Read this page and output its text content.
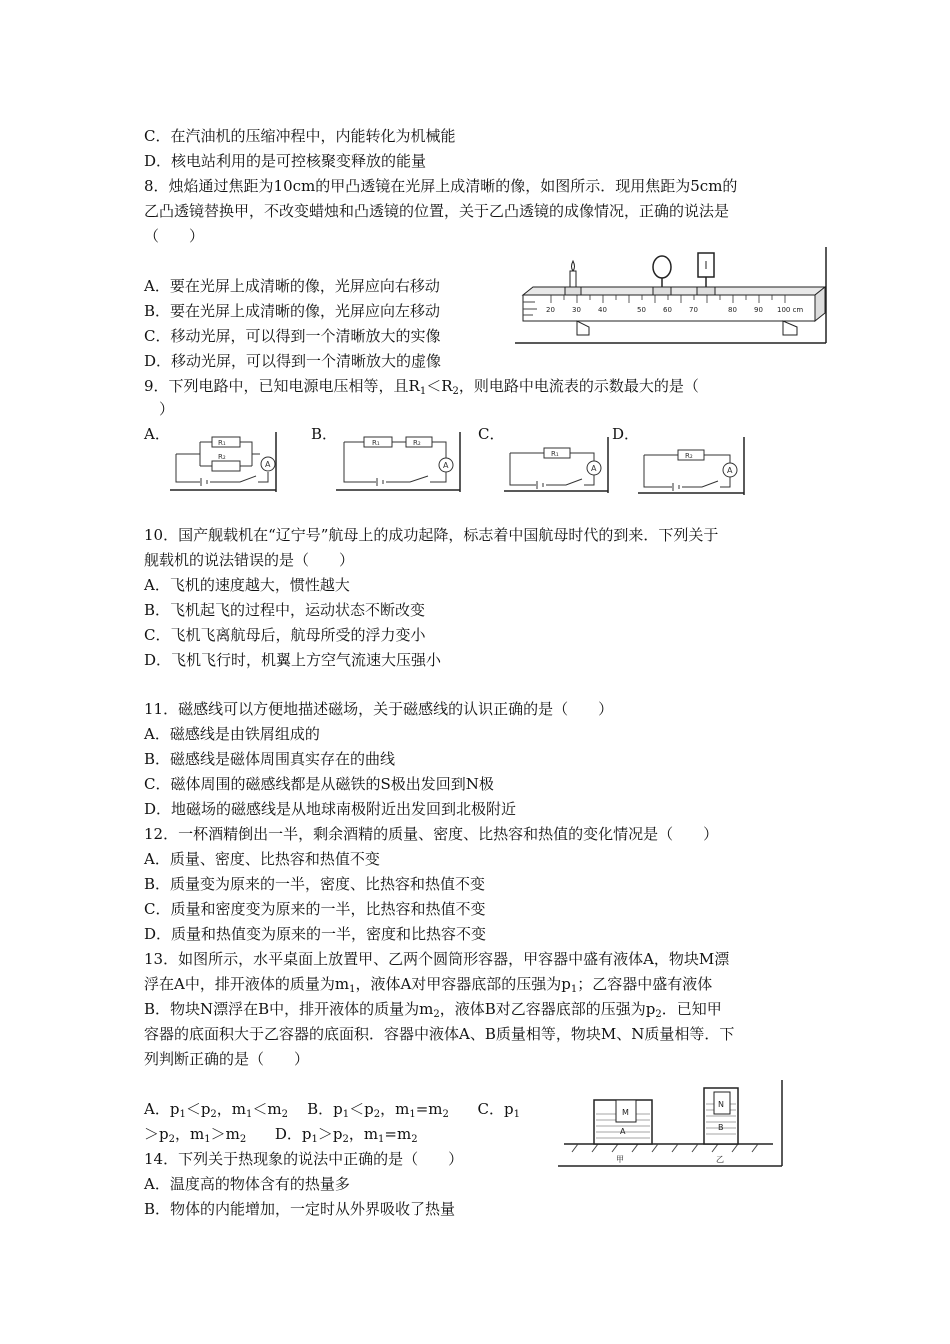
C．在汽油机的压缩冲程中，内能转化为机械能
D．核电站利用的是可控核聚变释放的能量
8．烛焰通过焦距为10cm的甲凸透镜在光屏上成清晰的像，如图所示．现用焦距为5cm的
乙凸透镜替换甲，不改变蜡烛和凸透镜的位置，关于乙凸透镜的成像情况，正确的说法是
（　　）
A．要在光屏上成清晰的像，光屏应向右移动
B．要在光屏上成清晰的像，光屏应向左移动
C．移动光屏，可以得到一个清晰放大的实像
D．移动光屏，可以得到一个清晰放大的虚像
20 30 40	50 60 70	80 90 100 cm
9．下列电路中，已知电源电压相等，且$R_1<R_2$，则电路中电流表的示数最大的是（
　）
A．	B．	C．	D．
R₁
R₂
A
R₁	R₂
A
R₁
A
R₂
A
10．国产舰载机在“辽宁号”航母上的成功起降，标志着中国航母时代的到来．下列关于
舰载机的说法错误的是（　　）
A．飞机的速度越大，惯性越大
B．飞机起飞的过程中，运动状态不断改变
C．飞机飞离航母后，航母所受的浮力变小
D．飞机飞行时，机翼上方空气流速大压强小
11．磁感线可以方便地描述磁场，关于磁感线的认识正确的是（　　）
A．磁感线是由铁屑组成的
B．磁感线是磁体周围真实存在的曲线
C．磁体周围的磁感线都是从磁铁的S极出发回到N极
D．地磁场的磁感线是从地球南极附近出发回到北极附近
12．一杯酒精倒出一半，剩余酒精的质量、密度、比热容和热值的变化情况是（　　）
A．质量、密度、比热容和热值不变
B．质量变为原来的一半，密度、比热容和热值不变
C．质量和密度变为原来的一半，比热容和热值不变
D．质量和热值变为原来的一半，密度和比热容不变
13．如图所示，水平桌面上放置甲、乙两个圆筒形容器，甲容器中盛有液体A，物块M漂
浮在A中，排开液体的质量为$m_1$，液体A对甲容器底部的压强为$p_1$；乙容器中盛有液体
B．物块N漂浮在B中，排开液体的质量为$m_2$，液体B对乙容器底部的压强为$p_2$．已知甲
容器的底面积大于乙容器的底面积．容器中液体A、B质量相等，物块M、N质量相等．下
列判断正确的是（　　）
A．$p_1<p_2$，$m_1<m_2$ B．$p_1<p_2$，$m_1=m_2$ C．$p_1$
$>p_2$，$m_1>m_2$ D．$p_1>p_2$，$m_1=m_2$
M
A
N
B
甲	乙
14．下列关于热现象的说法中正确的是（　　）
A．温度高的物体含有的热量多
B．物体的内能增加，一定时从外界吸收了热量
